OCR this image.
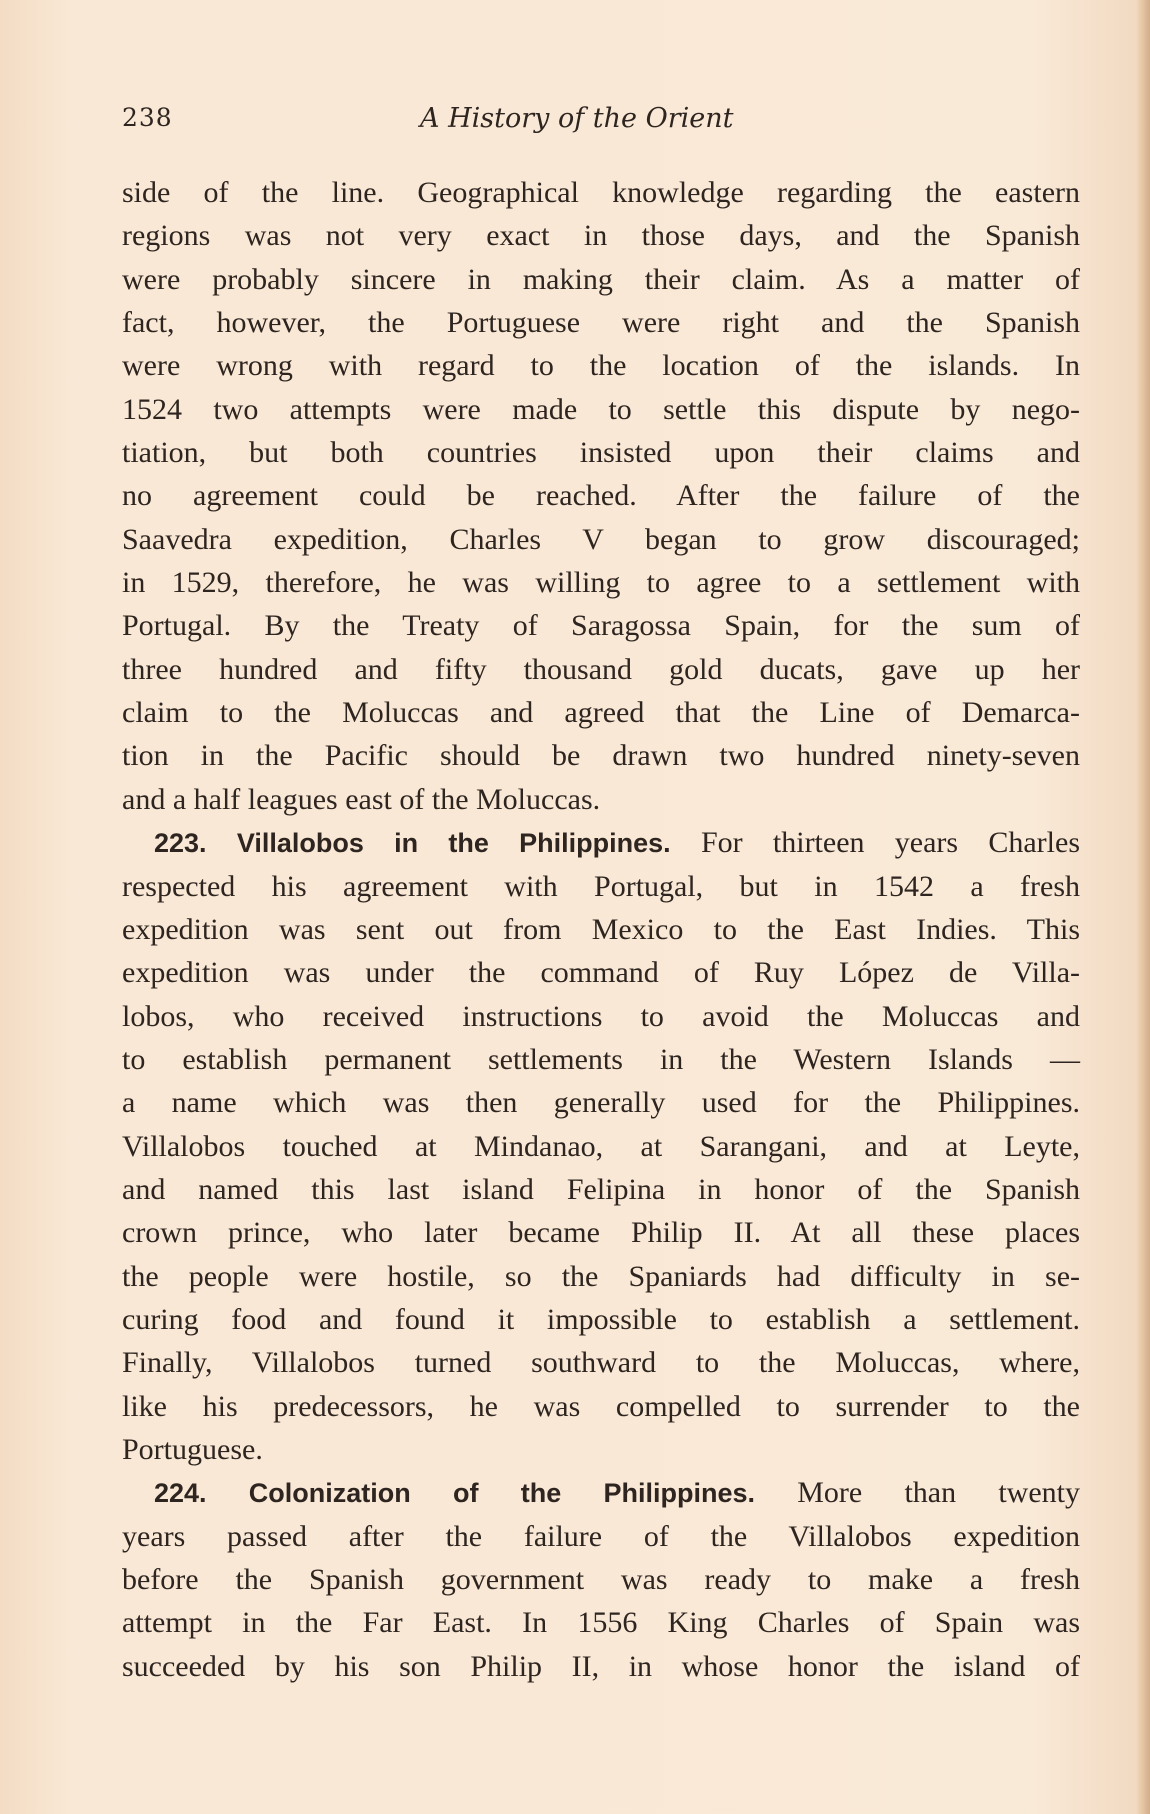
238	A History of the Orient
side of the line. Geographical knowledge regarding the eastern
regions was not very exact in those days, and the Spanish
were probably sincere in making their claim. As a matter of
fact, however, the Portuguese were right and the Spanish
were wrong with regard to the location of the islands. In
1524 two attempts were made to settle this dispute by nego-
tiation, but both countries insisted upon their claims and
no agreement could be reached. After the failure of the
Saavedra expedition, Charles V began to grow discouraged;
in 1529, therefore, he was willing to agree to a settlement with
Portugal. By the Treaty of Saragossa Spain, for the sum of
three hundred and fifty thousand gold ducats, gave up her
claim to the Moluccas and agreed that the Line of Demarca-
tion in the Pacific should be drawn two hundred ninety-seven
and a half leagues east of the Moluccas.
223. Villalobos in the Philippines. For thirteen years Charles
respected his agreement with Portugal, but in 1542 a fresh
expedition was sent out from Mexico to the East Indies. This
expedition was under the command of Ruy López de Villa-
lobos, who received instructions to avoid the Moluccas and
to establish permanent settlements in the Western Islands —
a name which was then generally used for the Philippines.
Villalobos touched at Mindanao, at Sarangani, and at Leyte,
and named this last island Felipina in honor of the Spanish
crown prince, who later became Philip II. At all these places
the people were hostile, so the Spaniards had difficulty in se-
curing food and found it impossible to establish a settlement.
Finally, Villalobos turned southward to the Moluccas, where,
like his predecessors, he was compelled to surrender to the
Portuguese.
224. Colonization of the Philippines. More than twenty
years passed after the failure of the Villalobos expedition
before the Spanish government was ready to make a fresh
attempt in the Far East. In 1556 King Charles of Spain was
succeeded by his son Philip II, in whose honor the island of
